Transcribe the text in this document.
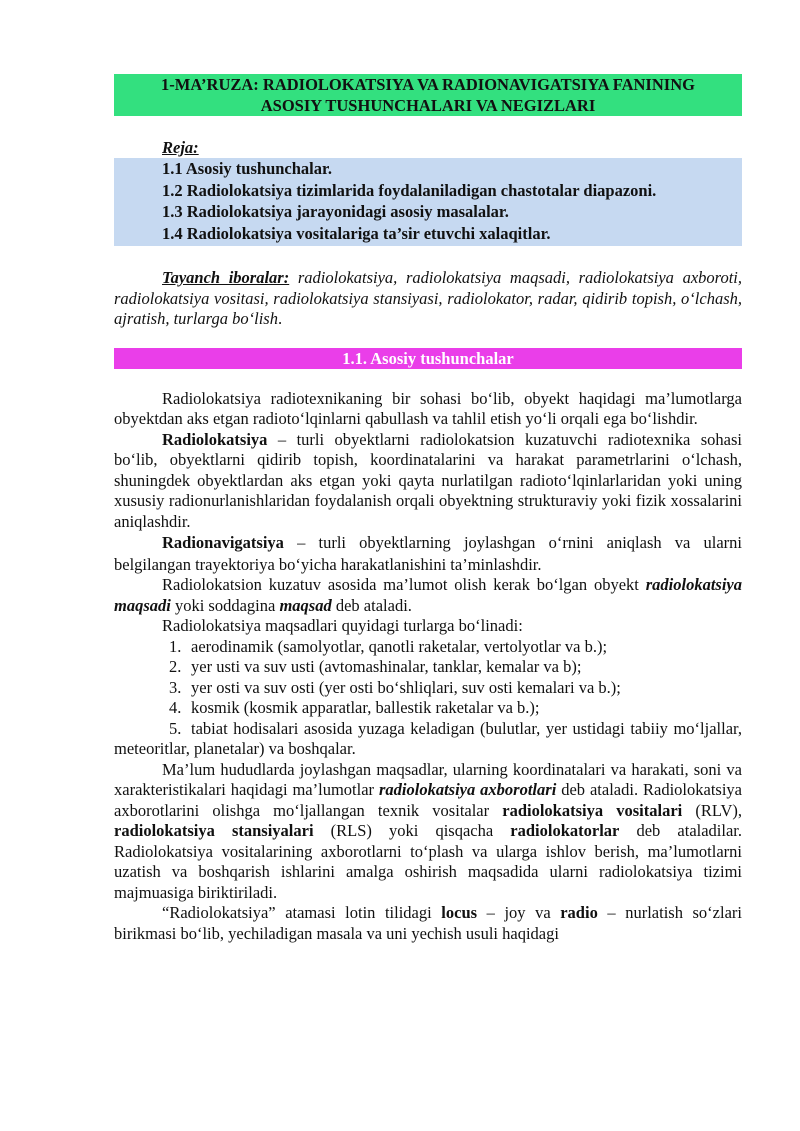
1-MA’RUZA: RADIOLOKATSIYA VA RADIONAVIGATSIYA FANINING
ASOSIY TUSHUNCHALARI VA NEGIZLARI
Reja:
1.1 Asosiy tushunchalar.
1.2 Radiolokatsiya tizimlarida foydalaniladigan chastotalar diapazoni.
1.3 Radiolokatsiya jarayonidagi asosiy masalalar.
1.4 Radiolokatsiya vositalariga ta’sir etuvchi xalaqitlar.

Tayanch iboralar: radiolokatsiya, radiolokatsiya maqsadi, radiolokatsiya axboroti, radiolokatsiya vositasi, radiolokatsiya stansiyasi, radiolokator, radar, qidirib topish, o‘lchash, ajratish, turlarga bo‘lish.

1.1. Asosiy tushunchalar

Radiolokatsiya radiotexnikaning bir sohasi bo‘lib, obyekt haqidagi ma’lumotlarga obyektdan aks etgan radioto‘lqinlarni qabullash va tahlil etish yo‘li orqali ega bo‘lishdir.

Radiolokatsiya – turli obyektlarni radiolokatsion kuzatuvchi radiotexnika sohasi bo‘lib, obyektlarni qidirib topish, koordinatalarini va harakat parametrlarini o‘lchash, shuningdek obyektlardan aks etgan yoki qayta nurlatilgan radioto‘lqinlarlaridan yoki uning xususiy radionurlanishlaridan foydalanish orqali obyektning strukturaviy yoki fizik xossalarini aniqlashdir.

Radionavigatsiya – turli obyektlarning joylashgan o‘rnini aniqlash va ularni belgilangan trayektoriya bo‘yicha harakatlanishini ta’minlashdir.

Radiolokatsion kuzatuv asosida ma’lumot olish kerak bo‘lgan obyekt radiolokatsiya maqsadi yoki soddagina maqsad deb ataladi.

Radiolokatsiya maqsadlari quyidagi turlarga bo‘linadi:

1. aerodinamik (samolyotlar, qanotli raketalar, vertolyotlar va b.);
2. yer usti va suv usti (avtomashinalar, tanklar, kemalar va b);
3. yer osti va suv osti (yer osti bo‘shliqlari, suv osti kemalari va b.);
4. kosmik (kosmik apparatlar, ballestik raketalar va b.);

5. tabiat hodisalari asosida yuzaga keladigan (bulutlar, yer ustidagi tabiiy mo‘ljallar, meteoritlar, planetalar) va boshqalar.

Ma’lum hududlarda joylashgan maqsadlar, ularning koordinatalari va harakati, soni va xarakteristikalari haqidagi ma’lumotlar radiolokatsiya axborotlari deb ataladi. Radiolokatsiya axborotlarini olishga mo‘ljallangan texnik vositalar radiolokatsiya vositalari (RLV), radiolokatsiya stansiyalari (RLS) yoki qisqacha radiolokatorlar deb ataladilar. Radiolokatsiya vositalarining axborotlarni to‘plash va ularga ishlov berish, ma’lumotlarni uzatish va boshqarish ishlarini amalga oshirish maqsadida ularni radiolokatsiya tizimi majmuasiga biriktiriladi.

“Radiolokatsiya” atamasi lotin tilidagi locus – joy va radio – nurlatish so‘zlari birikmasi bo‘lib, yechiladigan masala va uni yechish usuli haqidagi
